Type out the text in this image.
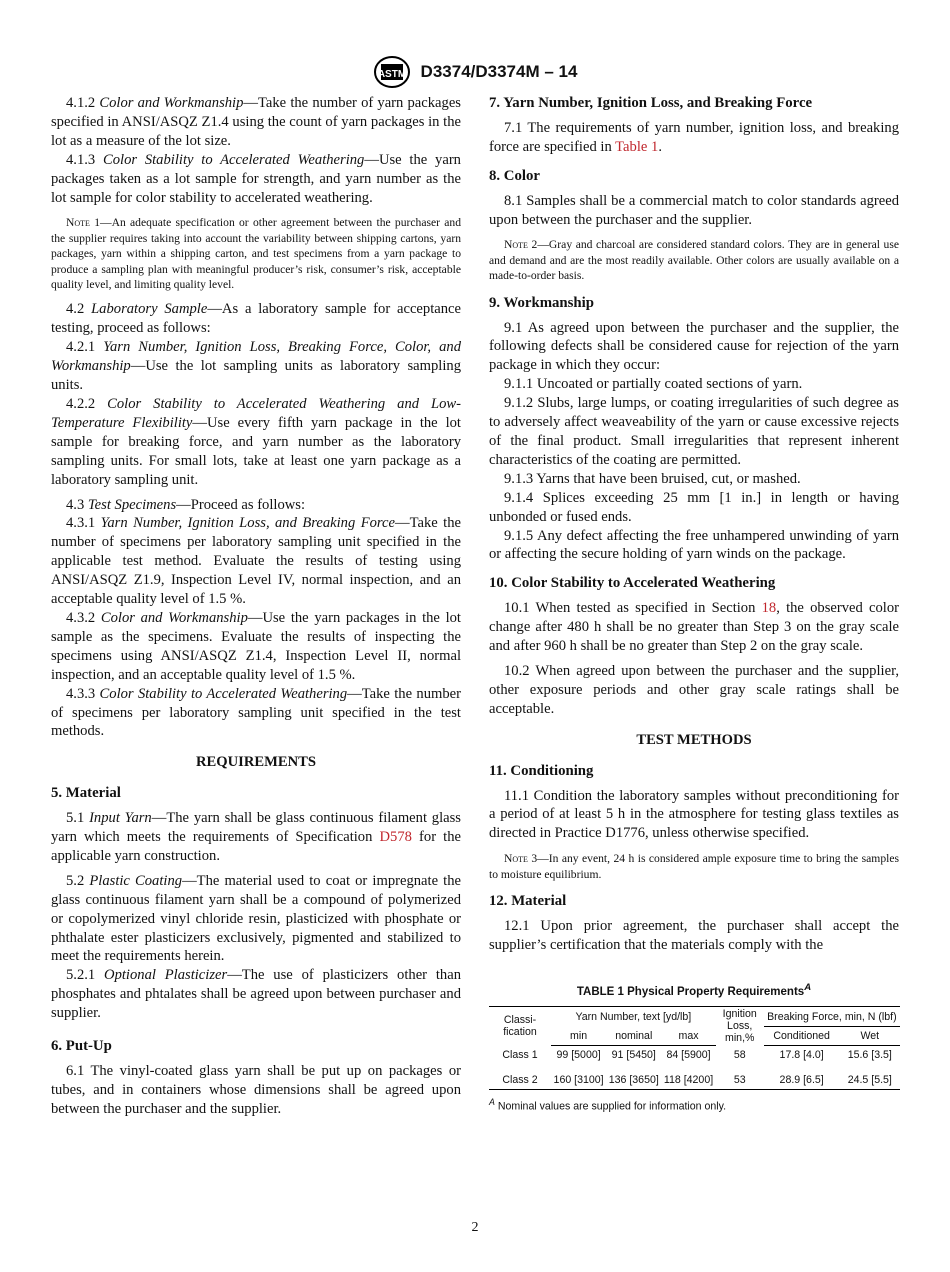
ASTM D3374/D3374M – 14

4.1.2 Color and Workmanship—Take the number of yarn packages specified in ANSI/ASQZ Z1.4 using the count of yarn packages in the lot as a measure of the lot size.

4.1.3 Color Stability to Accelerated Weathering—Use the yarn packages taken as a lot sample for strength, and yarn number as the lot sample for color stability to accelerated weathering.

Note 1—An adequate specification or other agreement between the purchaser and the supplier requires taking into account the variability between shipping cartons, yarn packages, yarn within a shipping carton, and test specimens from a yarn package to produce a sampling plan with meaningful producer’s risk, consumer’s risk, acceptable quality level, and limiting quality level.

4.2 Laboratory Sample—As a laboratory sample for acceptance testing, proceed as follows:

4.2.1 Yarn Number, Ignition Loss, Breaking Force, Color, and Workmanship—Use the lot sampling units as laboratory sampling units.

4.2.2 Color Stability to Accelerated Weathering and Low-Temperature Flexibility—Use every fifth yarn package in the lot sample for breaking force, and yarn number as the laboratory sampling units. For small lots, take at least one yarn package as a laboratory sampling unit.

4.3 Test Specimens—Proceed as follows:

4.3.1 Yarn Number, Ignition Loss, and Breaking Force—Take the number of specimens per laboratory sampling unit specified in the applicable test method. Evaluate the results of testing using ANSI/ASQZ Z1.9, Inspection Level IV, normal inspection, and an acceptable quality level of 1.5 %.

4.3.2 Color and Workmanship—Use the yarn packages in the lot sample as the specimens. Evaluate the results of inspecting the specimens using ANSI/ASQZ Z1.4, Inspection Level II, normal inspection, and an acceptable quality level of 1.5 %.

4.3.3 Color Stability to Accelerated Weathering—Take the number of specimens per laboratory sampling unit specified in the test methods.

REQUIREMENTS

5. Material

5.1 Input Yarn—The yarn shall be glass continuous filament glass yarn which meets the requirements of Specification D578 for the applicable yarn construction.

5.2 Plastic Coating—The material used to coat or impregnate the glass continuous filament yarn shall be a compound of polymerized or copolymerized vinyl chloride resin, plasticized with phosphate or phthalate ester plasticizers exclusively, pigmented and stabilized to meet the requirements herein.

5.2.1 Optional Plasticizer—The use of plasticizers other than phosphates and phtalates shall be agreed upon between purchaser and supplier.

6. Put-Up

6.1 The vinyl-coated glass yarn shall be put up on packages or tubes, and in containers whose dimensions shall be agreed upon between the purchaser and the supplier.

7. Yarn Number, Ignition Loss, and Breaking Force

7.1 The requirements of yarn number, ignition loss, and breaking force are specified in Table 1.

8. Color

8.1 Samples shall be a commercial match to color standards agreed upon between the purchaser and the supplier.

Note 2—Gray and charcoal are considered standard colors. They are in general use and demand and are the most readily available. Other colors are usually available on a made-to-order basis.

9. Workmanship

9.1 As agreed upon between the purchaser and the supplier, the following defects shall be considered cause for rejection of the yarn package in which they occur:

9.1.1 Uncoated or partially coated sections of yarn.

9.1.2 Slubs, large lumps, or coating irregularities of such degree as to adversely affect weaveability of the yarn or cause excessive rejects of the final product. Small irregularities that represent inherent characteristics of the coating are permitted.

9.1.3 Yarns that have been bruised, cut, or mashed.

9.1.4 Splices exceeding 25 mm [1 in.] in length or having unbonded or fused ends.

9.1.5 Any defect affecting the free unhampered unwinding of yarn or affecting the secure holding of yarn winds on the package.

10. Color Stability to Accelerated Weathering

10.1 When tested as specified in Section 18, the observed color change after 480 h shall be no greater than Step 3 on the gray scale and after 960 h shall be no greater than Step 2 on the gray scale.

10.2 When agreed upon between the purchaser and the supplier, other exposure periods and other gray scale ratings shall be acceptable.

TEST METHODS

11. Conditioning

11.1 Condition the laboratory samples without preconditioning for a period of at least 5 h in the atmosphere for testing glass textiles as directed in Practice D1776, unless otherwise specified.

Note 3—In any event, 24 h is considered ample exposure time to bring the samples to moisture equilibrium.

12. Material

12.1 Upon prior agreement, the purchaser shall accept the supplier’s certification that the materials comply with the

TABLE 1 Physical Property Requirements$^A$
Classi-fication	Yarn Number, text [yd/lb]			Ignition Loss, min,%	Breaking Force, min, N (lbf)	
	min	nominal	max		Conditioned	Wet
Class 1	99 [5000]	91 [5450]	84 [5900]	58	17.8 [4.0]	15.6 [3.5]
Class 2	160 [3100]	136 [3650]	118 [4200]	53	28.9 [6.5]	24.5 [5.5]
$^A$ Nominal values are supplied for information only.
2
